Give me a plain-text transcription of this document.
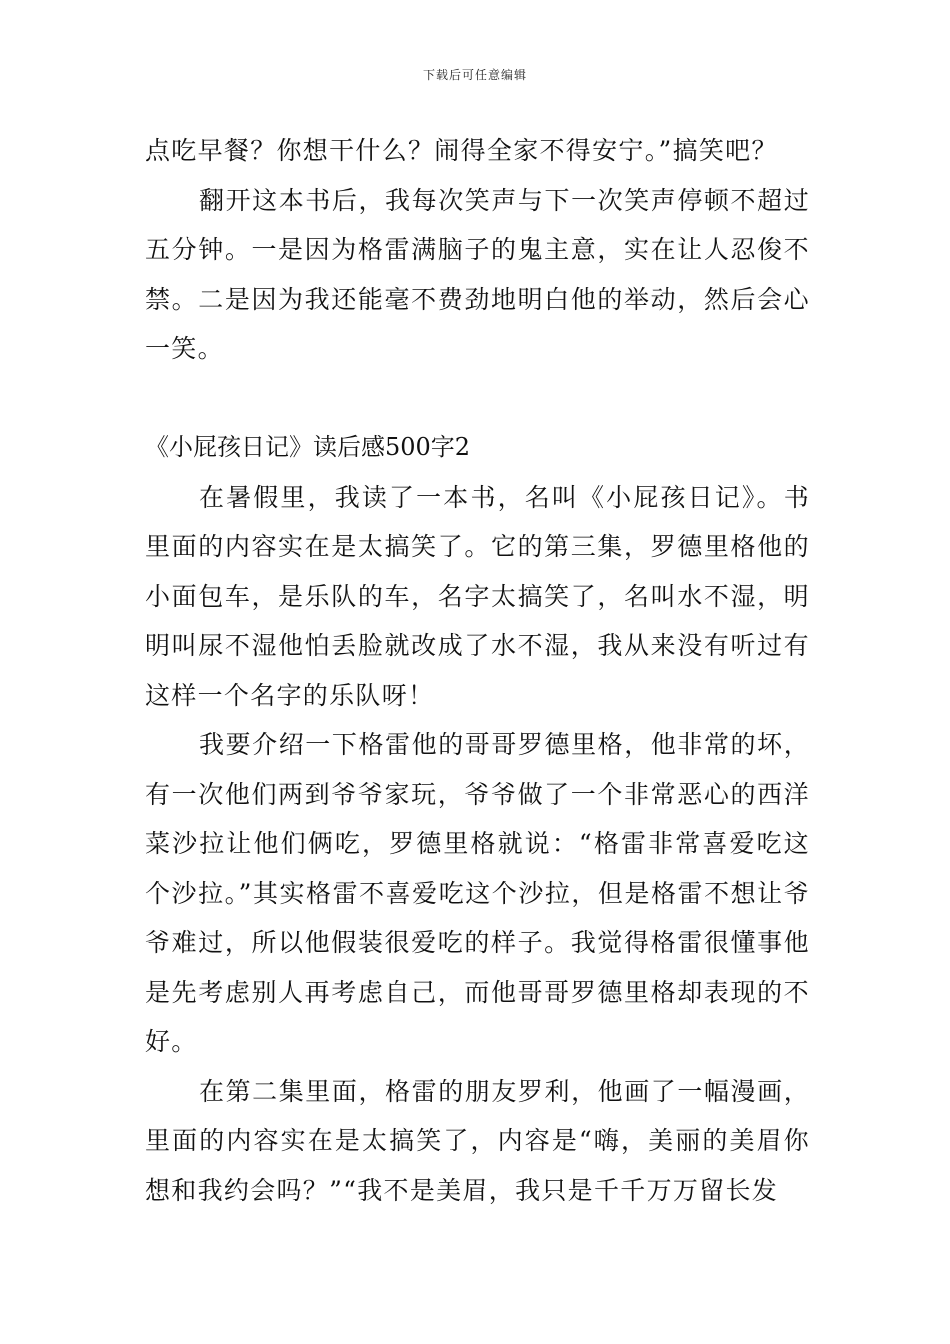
下载后可任意编辑

点吃早餐？你想干什么？闹得全家不得安宁。”搞笑吧？

翻开这本书后，我每次笑声与下一次笑声停顿不超过五分钟。一是因为格雷满脑子的鬼主意，实在让人忍俊不禁。二是因为我还能毫不费劲地明白他的举动，然后会心一笑。

《小屁孩日记》读后感500字2

在暑假里，我读了一本书，名叫《小屁孩日记》。书里面的内容实在是太搞笑了。它的第三集，罗德里格他的小面包车，是乐队的车，名字太搞笑了，名叫水不湿，明明叫尿不湿他怕丢脸就改成了水不湿，我从来没有听过有这样一个名字的乐队呀！

我要介绍一下格雷他的哥哥罗德里格，他非常的坏，有一次他们两到爷爷家玩，爷爷做了一个非常恶心的西洋菜沙拉让他们俩吃，罗德里格就说：“格雷非常喜爱吃这个沙拉。”其实格雷不喜爱吃这个沙拉，但是格雷不想让爷爷难过，所以他假装很爱吃的样子。我觉得格雷很懂事他是先考虑别人再考虑自己，而他哥哥罗德里格却表现的不好。

在第二集里面，格雷的朋友罗利，他画了一幅漫画，里面的内容实在是太搞笑了，内容是“嗨，美丽的美眉你想和我约会吗？”“我不是美眉，我只是千千万万留长发
